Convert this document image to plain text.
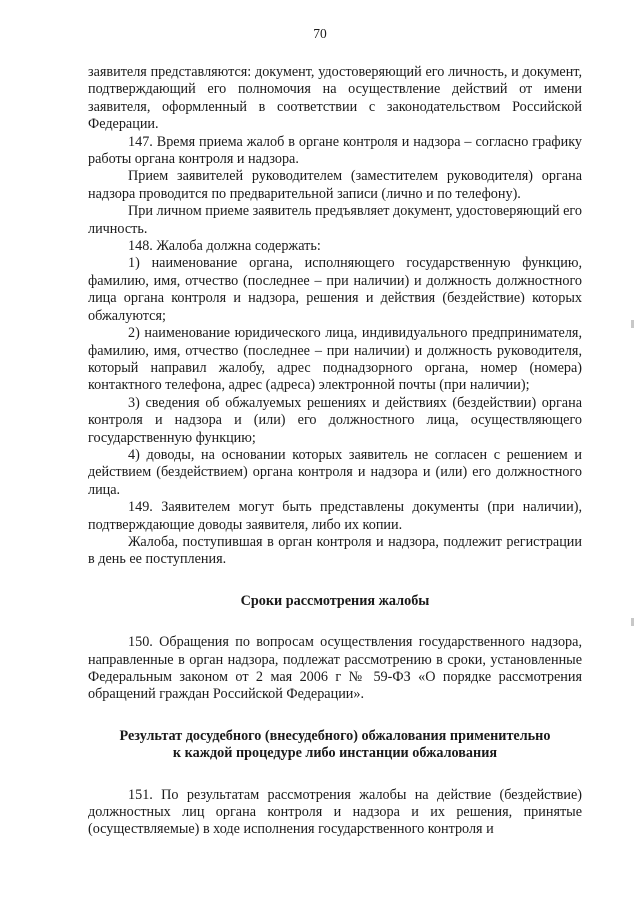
70

заявителя представляются: документ, удостоверяющий его личность, и документ, подтверждающий его полномочия на осуществление действий от имени заявителя, оформленный в соответствии с законодательством Российской Федерации.

147. Время приема жалоб в органе контроля и надзора – согласно графику работы органа контроля и надзора.

Прием заявителей руководителем (заместителем руководителя) органа надзора проводится по предварительной записи (лично и по телефону).

При личном приеме заявитель предъявляет документ, удостоверяющий его личность.

148. Жалоба должна содержать:

1) наименование органа, исполняющего государственную функцию, фамилию, имя, отчество (последнее – при наличии) и должность должностного лица органа контроля и надзора, решения и действия (бездействие) которых обжалуются;

2) наименование юридического лица, индивидуального предпринимателя, фамилию, имя, отчество (последнее – при наличии) и должность руководителя, который направил жалобу, адрес поднадзорного органа, номер (номера) контактного телефона, адрес (адреса) электронной почты (при наличии);

3) сведения об обжалуемых решениях и действиях (бездействии) органа контроля и надзора и (или) его должностного лица, осуществляющего государственную функцию;

4) доводы, на основании которых заявитель не согласен с решением и действием (бездействием) органа контроля и надзора и (или) его должностного лица.

149. Заявителем могут быть представлены документы (при наличии), подтверждающие доводы заявителя, либо их копии.

Жалоба, поступившая в орган контроля и надзора, подлежит регистрации в день ее поступления.

Сроки рассмотрения жалобы

150. Обращения по вопросам осуществления государственного надзора, направленные в орган надзора, подлежат рассмотрению в сроки, установленные Федеральным законом от 2 мая 2006 г № 59-ФЗ «О порядке рассмотрения обращений граждан Российской Федерации».

Результат досудебного (внесудебного) обжалования применительно
к каждой процедуре либо инстанции обжалования

151. По результатам рассмотрения жалобы на действие (бездействие) должностных лиц органа контроля и надзора и их решения, принятые (осуществляемые) в ходе исполнения государственного контроля и
